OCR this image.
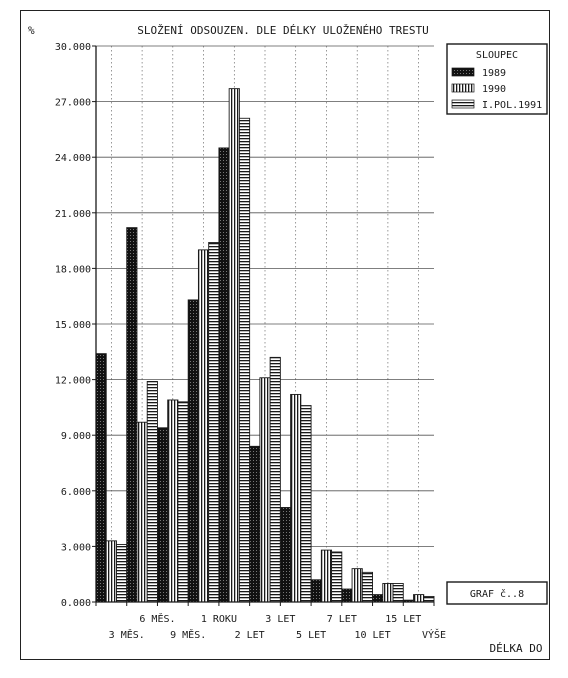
%	SLOŽENÍ ODSOUZEN. DLE DÉLKY ULOŽENÉHO TRESTU
0.000
3.000
6.000
9.000
12.000
15.000
18.000
21.000
24.000
27.000
30.000
3 MĚS.
6 MĚS.
9 MĚS.
1 ROKU
2 LET
3 LET
5 LET
7 LET
10 LET
15 LET
VÝŠE
DÉLKA DO
SLOUPEC
1989
1990
I.POL.1991
GRAF č..8
